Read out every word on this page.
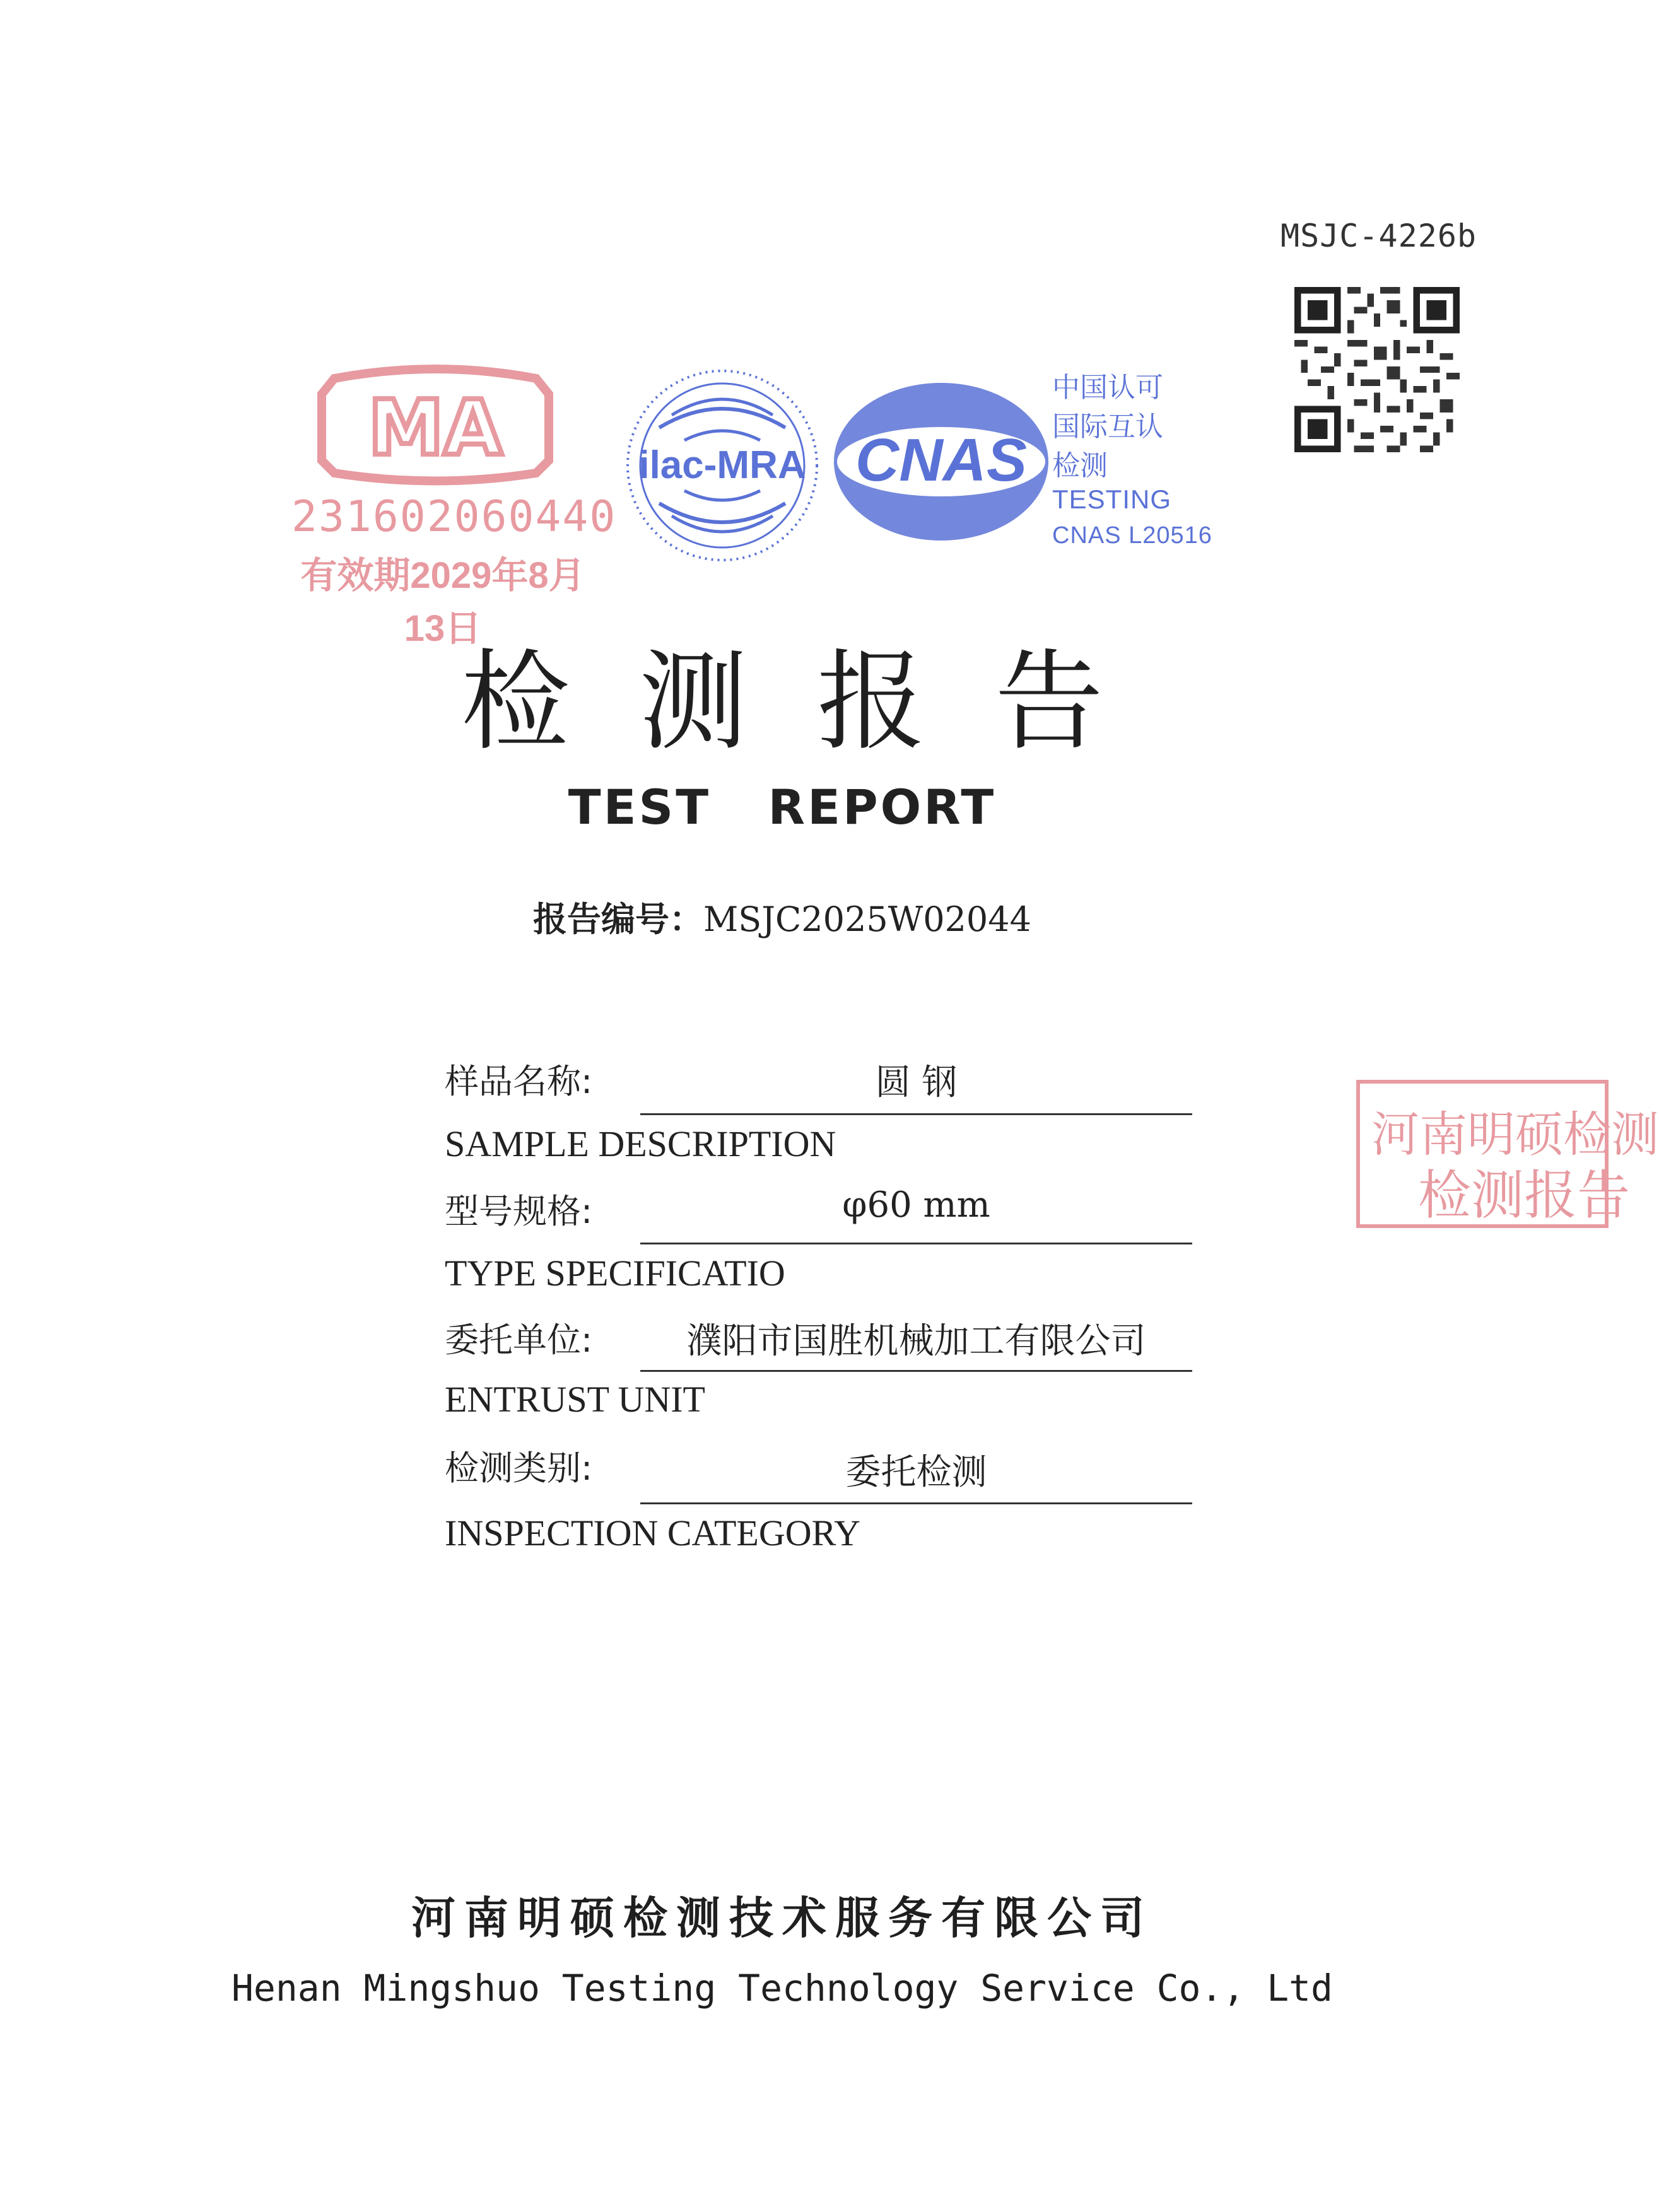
MSJC-4226b
MA
231602060440
有效期2029年8月13日
ilac-MRA CNAS
中国认可
国际互认
检测
TESTING
CNAS L20516
检测报告
TEST REPORT
报告编号：MSJC2025W02044
样品名称:	圆 钢
SAMPLE DESCRIPTION
型号规格:	φ60 mm
TYPE SPECIFICATIO
委托单位:	濮阳市国胜机械加工有限公司
ENTRUST UNIT
检测类别:	委托检测
INSPECTION CATEGORY
河南明硕检测
检测报告
河南明硕检测技术服务有限公司
Henan Mingshuo Testing Technology Service Co., Ltd
